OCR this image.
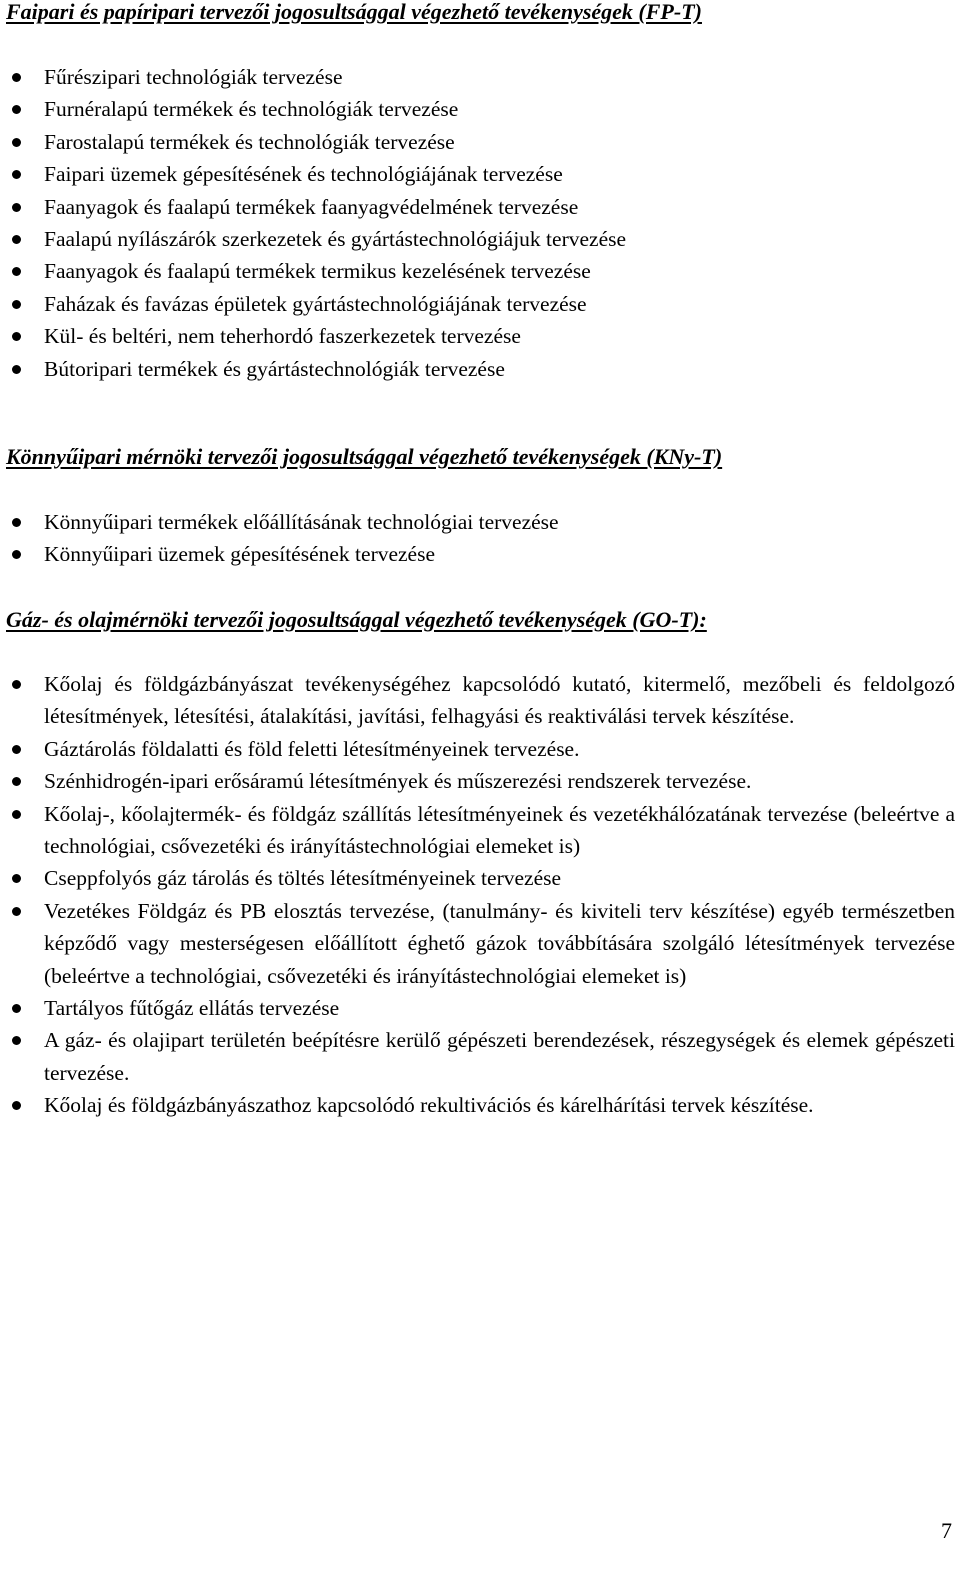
Faipari és papíripari tervezői jogosultsággal végezhető tevékenységek (FP-T)
Fűrészipari technológiák tervezése
Furnéralapú termékek és technológiák tervezése
Farostalapú termékek és technológiák tervezése
Faipari üzemek gépesítésének és technológiájának tervezése
Faanyagok és faalapú termékek faanyagvédelmének tervezése
Faalapú nyílászárók szerkezetek és gyártástechnológiájuk tervezése
Faanyagok és faalapú termékek termikus kezelésének tervezése
Faházak és favázas épületek gyártástechnológiájának tervezése
Kül- és beltéri, nem teherhordó faszerkezetek tervezése
Bútoripari termékek és gyártástechnológiák tervezése
Könnyűipari mérnöki tervezői jogosultsággal végezhető tevékenységek (KNy-T)
Könnyűipari termékek előállításának technológiai tervezése
Könnyűipari üzemek gépesítésének tervezése
Gáz- és olajmérnöki tervezői jogosultsággal végezhető tevékenységek (GO-T):
Kőolaj és földgázbányászat tevékenységéhez kapcsolódó kutató, kitermelő, mezőbeli és feldolgozó létesítmények, létesítési, átalakítási, javítási, felhagyási és reaktiválási tervek készítése.
Gáztárolás földalatti és föld feletti létesítményeinek tervezése.
Szénhidrogén-ipari erősáramú létesítmények és műszerezési rendszerek tervezése.
Kőolaj-, kőolajtermék- és földgáz szállítás létesítményeinek és vezetékhálózatának tervezése (beleértve a technológiai, csővezetéki és irányítástechnológiai elemeket is)
Cseppfolyós gáz tárolás és töltés létesítményeinek tervezése
Vezetékes Földgáz és PB elosztás tervezése, (tanulmány- és kiviteli terv készítése) egyéb természetben képződő vagy mesterségesen előállított éghető gázok továbbítására szolgáló létesítmények tervezése (beleértve a technológiai, csővezetéki és irányítástechnológiai elemeket is)
Tartályos fűtőgáz ellátás tervezése
A gáz- és olajipart területén beépítésre kerülő gépészeti berendezések, részegységek és elemek gépészeti tervezése.
Kőolaj és földgázbányászathoz kapcsolódó rekultivációs és kárelhárítási tervek készítése.
7
